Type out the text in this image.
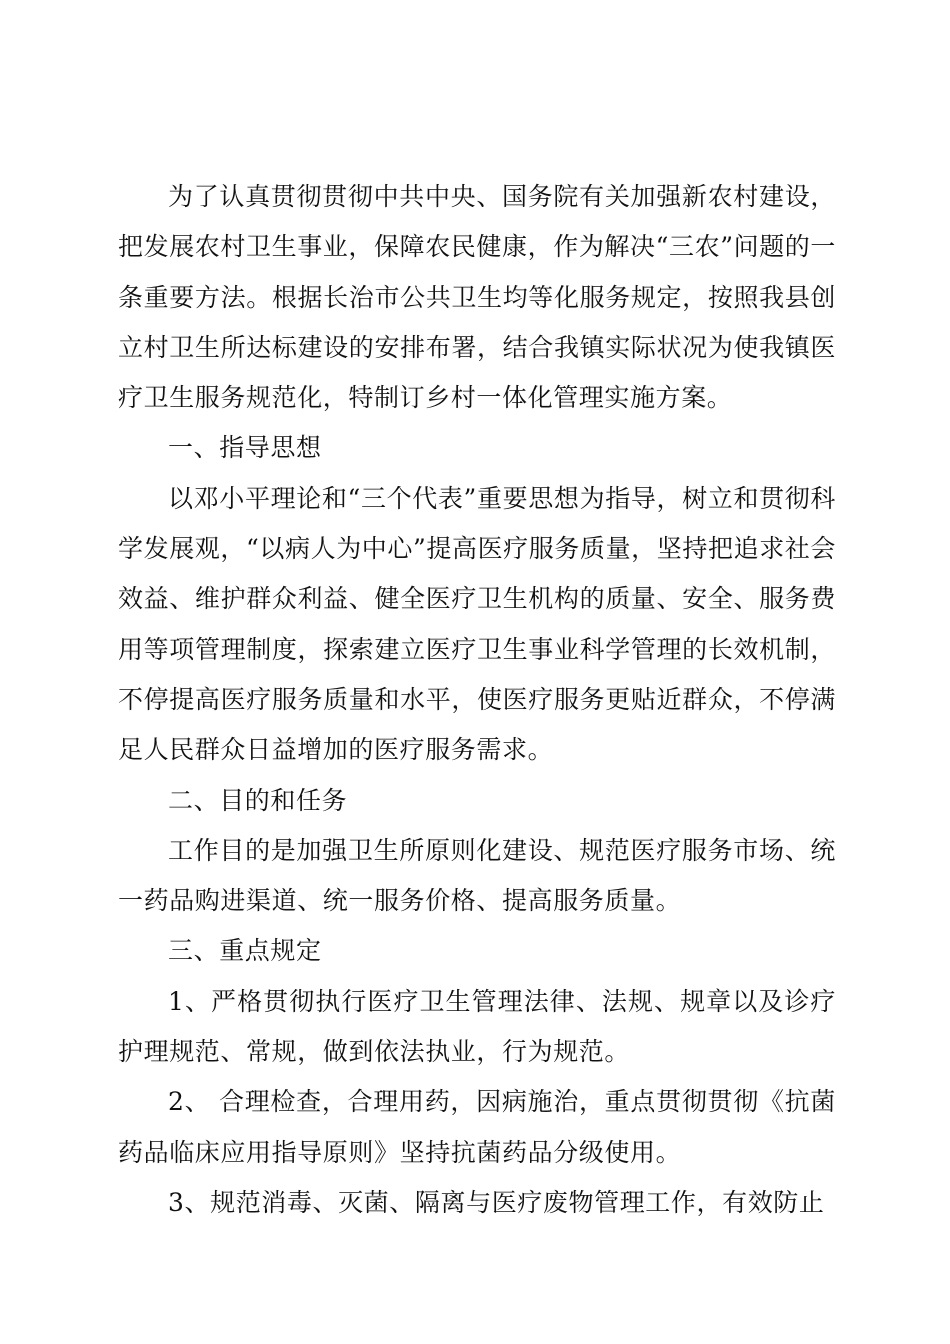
为了认真贯彻贯彻中共中央、国务院有关加强新农村建设，把发展农村卫生事业，保障农民健康，作为解决“三农”问题的一条重要方法。根据长治市公共卫生均等化服务规定，按照我县创立村卫生所达标建设的安排布署，结合我镇实际状况为使我镇医疗卫生服务规范化，特制订乡村一体化管理实施方案。

一、指导思想

以邓小平理论和“三个代表”重要思想为指导，树立和贯彻科学发展观，“以病人为中心”提高医疗服务质量，坚持把追求社会效益、维护群众利益、健全医疗卫生机构的质量、安全、服务费用等项管理制度，探索建立医疗卫生事业科学管理的长效机制，不停提高医疗服务质量和水平，使医疗服务更贴近群众，不停满足人民群众日益增加的医疗服务需求。

二、目的和任务

工作目的是加强卫生所原则化建设、规范医疗服务市场、统一药品购进渠道、统一服务价格、提高服务质量。

三、重点规定

1、严格贯彻执行医疗卫生管理法律、法规、规章以及诊疗护理规范、常规，做到依法执业，行为规范。

2、 合理检查，合理用药，因病施治，重点贯彻贯彻《抗菌药品临床应用指导原则》坚持抗菌药品分级使用。

3、规范消毒、灭菌、隔离与医疗废物管理工作，有效防止
